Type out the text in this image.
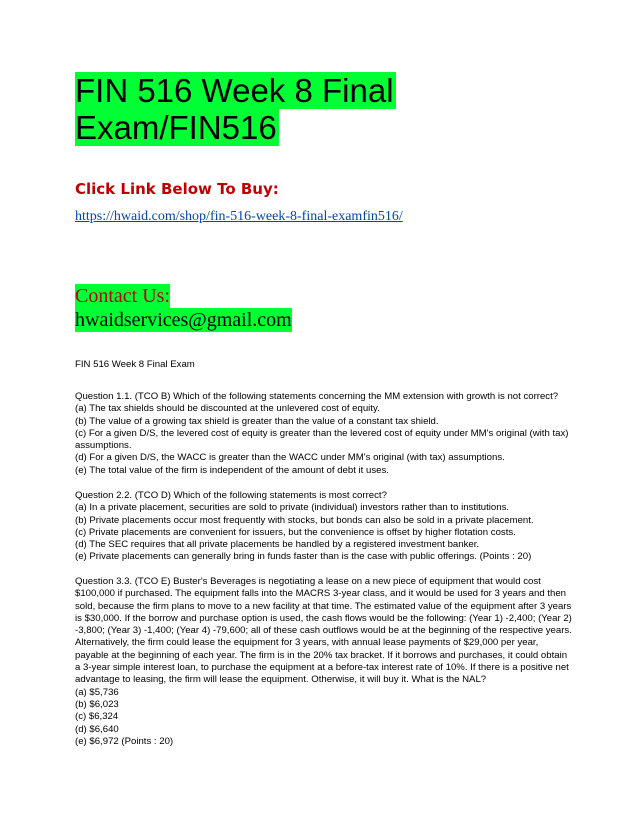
FIN 516 Week 8 Final
Exam/FIN516
Click Link Below To Buy:
https://hwaid.com/shop/fin-516-week-8-final-examfin516/
Contact Us:
hwaidservices@gmail.com
FIN 516 Week 8 Final Exam
Question 1.1. (TCO B) Which of the following statements concerning the MM extension with growth is not correct?
(a) The tax shields should be discounted at the unlevered cost of equity.
(b) The value of a growing tax shield is greater than the value of a constant tax shield.
(c) For a given D/S, the levered cost of equity is greater than the levered cost of equity under MM's original (with tax)
assumptions.
(d) For a given D/S, the WACC is greater than the WACC under MM's original (with tax) assumptions.
(e) The total value of the firm is independent of the amount of debt it uses.
Question 2.2. (TCO D) Which of the following statements is most correct?
(a) In a private placement, securities are sold to private (individual) investors rather than to institutions.
(b) Private placements occur most frequently with stocks, but bonds can also be sold in a private placement.
(c) Private placements are convenient for issuers, but the convenience is offset by higher flotation costs.
(d) The SEC requires that all private placements be handled by a registered investment banker.
(e) Private placements can generally bring in funds faster than is the case with public offerings. (Points : 20)
Question 3.3. (TCO E) Buster's Beverages is negotiating a lease on a new piece of equipment that would cost
$100,000 if purchased. The equipment falls into the MACRS 3-year class, and it would be used for 3 years and then
sold, because the firm plans to move to a new facility at that time. The estimated value of the equipment after 3 years
is $30,000. If the borrow and purchase option is used, the cash flows would be the following: (Year 1) -2,400; (Year 2)
-3,800; (Year 3) -1,400; (Year 4) -79,600; all of these cash outflows would be at the beginning of the respective years.
Alternatively, the firm could lease the equipment for 3 years, with annual lease payments of $29,000 per year,
payable at the beginning of each year. The firm is in the 20% tax bracket. If it borrows and purchases, it could obtain
a 3-year simple interest loan, to purchase the equipment at a before-tax interest rate of 10%. If there is a positive net
advantage to leasing, the firm will lease the equipment. Otherwise, it will buy it. What is the NAL?
(a) $5,736
(b) $6,023
(c) $6,324
(d) $6,640
(e) $6,972 (Points : 20)
